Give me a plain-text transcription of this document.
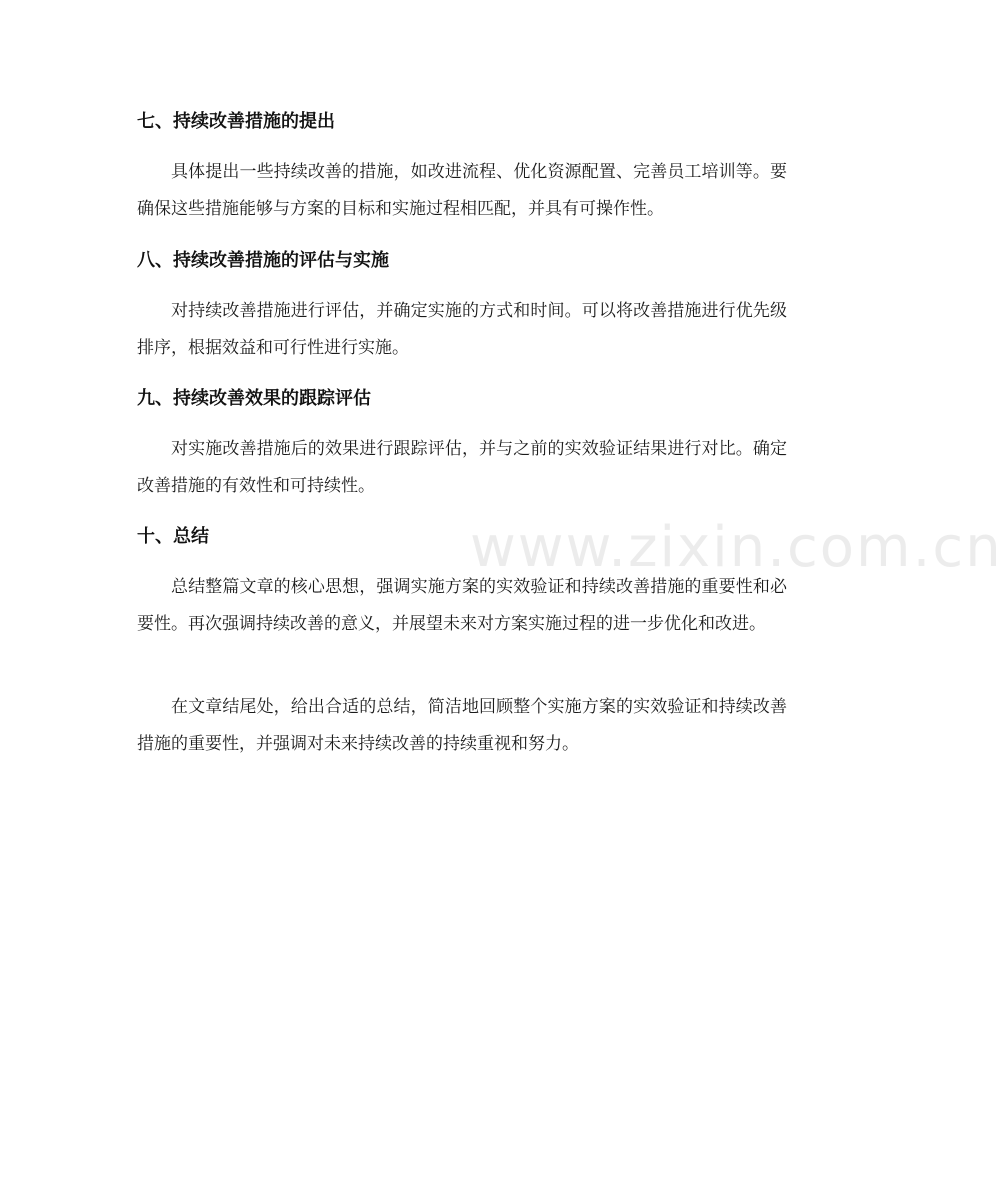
七、持续改善措施的提出

具体提出一些持续改善的措施，如改进流程、优化资源配置、完善员工培训等。要确保这些措施能够与方案的目标和实施过程相匹配，并具有可操作性。

八、持续改善措施的评估与实施

对持续改善措施进行评估，并确定实施的方式和时间。可以将改善措施进行优先级排序，根据效益和可行性进行实施。

九、持续改善效果的跟踪评估

对实施改善措施后的效果进行跟踪评估，并与之前的实效验证结果进行对比。确定改善措施的有效性和可持续性。

十、总结

总结整篇文章的核心思想，强调实施方案的实效验证和持续改善措施的重要性和必要性。再次强调持续改善的意义，并展望未来对方案实施过程的进一步优化和改进。

在文章结尾处，给出合适的总结，简洁地回顾整个实施方案的实效验证和持续改善措施的重要性，并强调对未来持续改善的持续重视和努力。

www.zixin.com.cn
